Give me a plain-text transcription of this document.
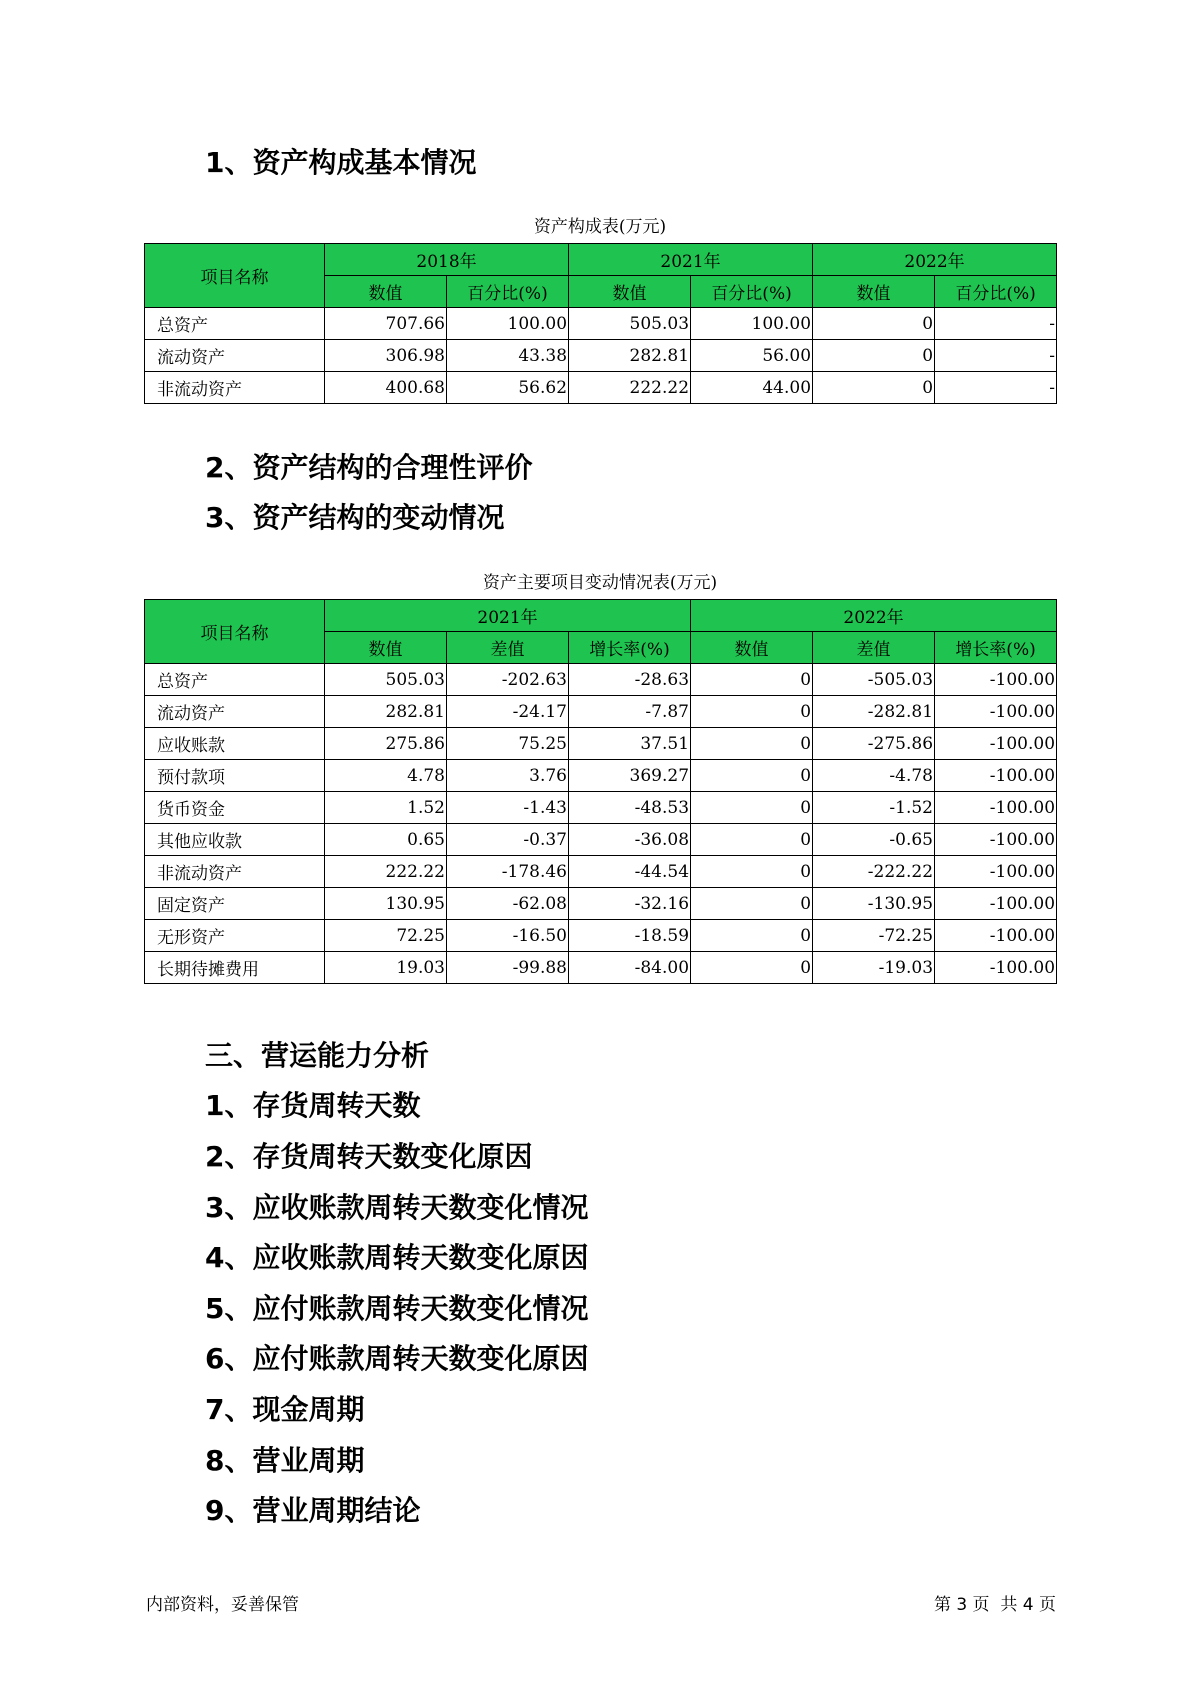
1、资产构成基本情况
资产构成表(万元)
项目名称	2018年		2021年		2022年	
	数值	百分比(%)	数值	百分比(%)	数值	百分比(%)
总资产	707.66	100.00	505.03	100.00	0	-
流动资产	306.98	43.38	282.81	56.00	0	-
非流动资产	400.68	56.62	222.22	44.00	0	-
2、资产结构的合理性评价
3、资产结构的变动情况
资产主要项目变动情况表(万元)
项目名称	2021年			2022年		
	数值	差值	增长率(%)	数值	差值	增长率(%)
总资产	505.03	-202.63	-28.63	0	-505.03	-100.00
流动资产	282.81	-24.17	-7.87	0	-282.81	-100.00
应收账款	275.86	75.25	37.51	0	-275.86	-100.00
预付款项	4.78	3.76	369.27	0	-4.78	-100.00
货币资金	1.52	-1.43	-48.53	0	-1.52	-100.00
其他应收款	0.65	-0.37	-36.08	0	-0.65	-100.00
非流动资产	222.22	-178.46	-44.54	0	-222.22	-100.00
固定资产	130.95	-62.08	-32.16	0	-130.95	-100.00
无形资产	72.25	-16.50	-18.59	0	-72.25	-100.00
长期待摊费用	19.03	-99.88	-84.00	0	-19.03	-100.00
三、营运能力分析
1、存货周转天数
2、存货周转天数变化原因
3、应收账款周转天数变化情况
4、应收账款周转天数变化原因
5、应付账款周转天数变化情况
6、应付账款周转天数变化原因
7、现金周期
8、营业周期
9、营业周期结论
内部资料，妥善保管	第 3 页  共 4 页
